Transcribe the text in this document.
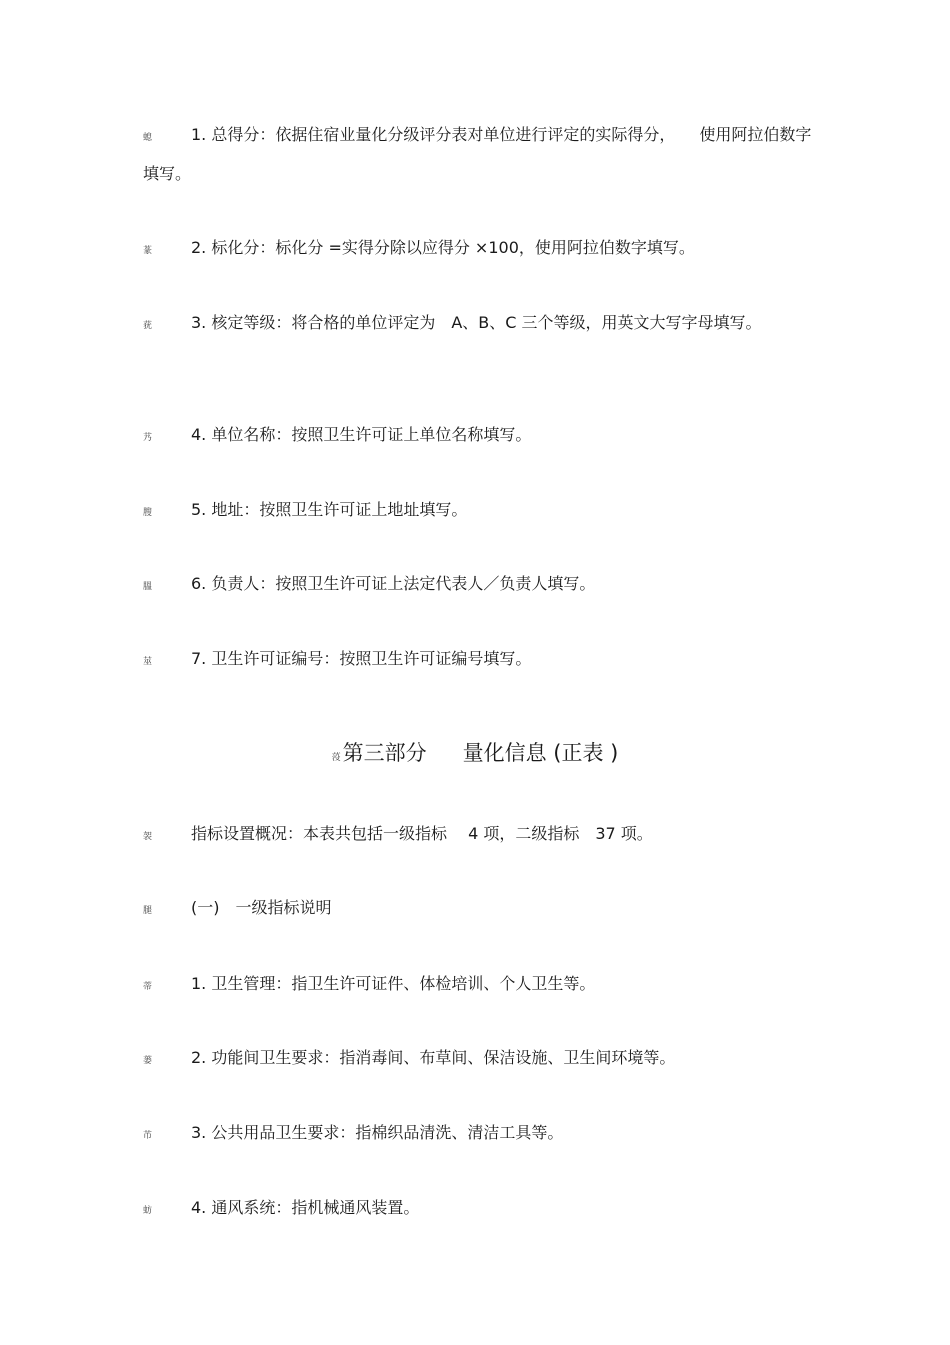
螅 1. 总得分：依据住宿业量化分级评分表对单位进行评定的实际得分，　　使用阿拉伯数字填写。
蒃 2. 标化分：标化分 =实得分除以应得分 ×100，使用阿拉伯数字填写。
莸 3. 核定等级：将合格的单位评定为　A、B、C 三个等级，用英文大写字母填写。
艿 4. 单位名称：按照卫生许可证上单位名称填写。
膄 5. 地址：按照卫生许可证上地址填写。
膃 6. 负责人：按照卫生许可证上法定代表人／负责人填写。
莁 7. 卫生许可证编号：按照卫生许可证编号填写。
莈第三部分 量化信息 (正表 )
袈 指标设置概况：本表共包括一级指标　 4 项，二级指标　37 项。
腿 (一)　一级指标说明
蒂 1. 卫生管理：指卫生许可证件、体检培训、个人卫生等。
蒌 2. 功能间卫生要求：指消毒间、布草间、保洁设施、卫生间环境等。
芇 3. 公共用品卫生要求：指棉织品清洗、清洁工具等。
蚄 4. 通风系统：指机械通风装置。
